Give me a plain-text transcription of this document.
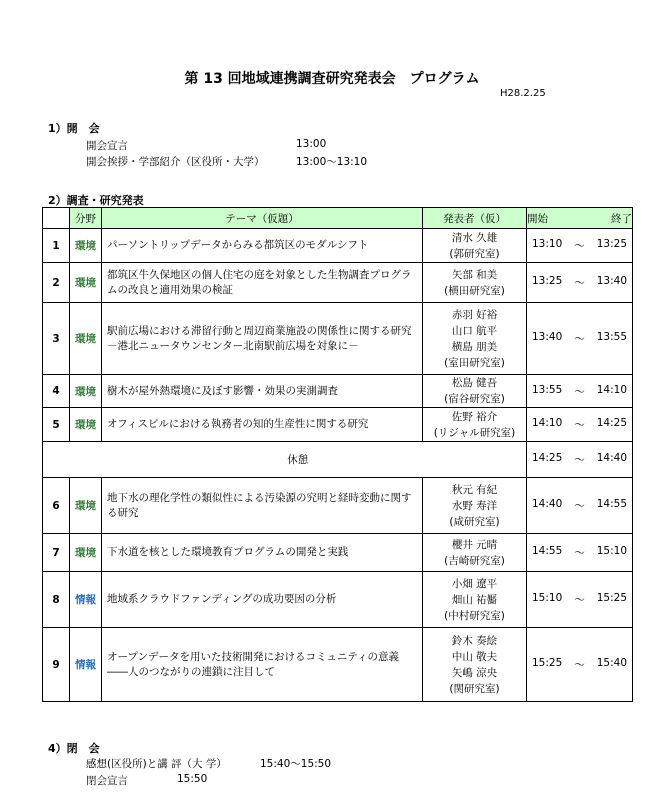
第 13 回地域連携調査研究発表会　プログラム
H28.2.25
1）開　会
開会宣言	13:00
開会挨拶・学部紹介（区役所・大学）	13:00～13:10
2）調査・研究発表
	分野	テーマ（仮題）	発表者（仮）	開始 終了

1	環境	パーソントリップデータからみる都筑区のモダルシフト	清水 久雄
(郭研究室)	13:10 ～ 13:25

2	環境	都筑区牛久保地区の個人住宅の庭を対象とした生物調査プログラムの改良と適用効果の検証	矢部 和美
(横田研究室)	13:25 ～ 13:40

3	環境	駅前広場における滞留行動と周辺商業施設の関係性に関する研究
－港北ニュータウンセンター北南駅前広場を対象に－	赤羽 好裕
山口 航平
横島 朋美
(室田研究室)	13:40 ～ 13:55

4	環境	樹木が屋外熱環境に及ぼす影響・効果の実測調査	松島 健吾
(宿谷研究室)	13:55 ～ 14:10

5	環境	オフィスビルにおける執務者の知的生産性に関する研究	佐野 裕介
(リジャル研究室)	14:10 ～ 14:25

	休憩			14:25 ～ 14:40

6	環境	地下水の理化学性の類似性による汚染源の究明と経時変動に関する研究	秋元 有紀
水野 寿洋
(咸研究室)	14:40 ～ 14:55

7	環境	下水道を核とした環境教育プログラムの開発と実践	櫻井 元晴
(吉崎研究室)	14:55 ～ 15:10

8	情報	地域系クラウドファンディングの成功要因の分析	小畑 遼平
畑山 祐靨
(中村研究室)	15:10 ～ 15:25

9	情報	オープンデータを用いた技術開発におけるコミュニティの意義――人のつながりの連鎖に注目して	鈴木 奏絵
中山 敬夫
矢嶋 涼央
(関研究室)	15:25 ～ 15:40
4）閉　会
感想(区役所)と講 評（大 学）	15:40～15:50
閉会宣言	15:50
